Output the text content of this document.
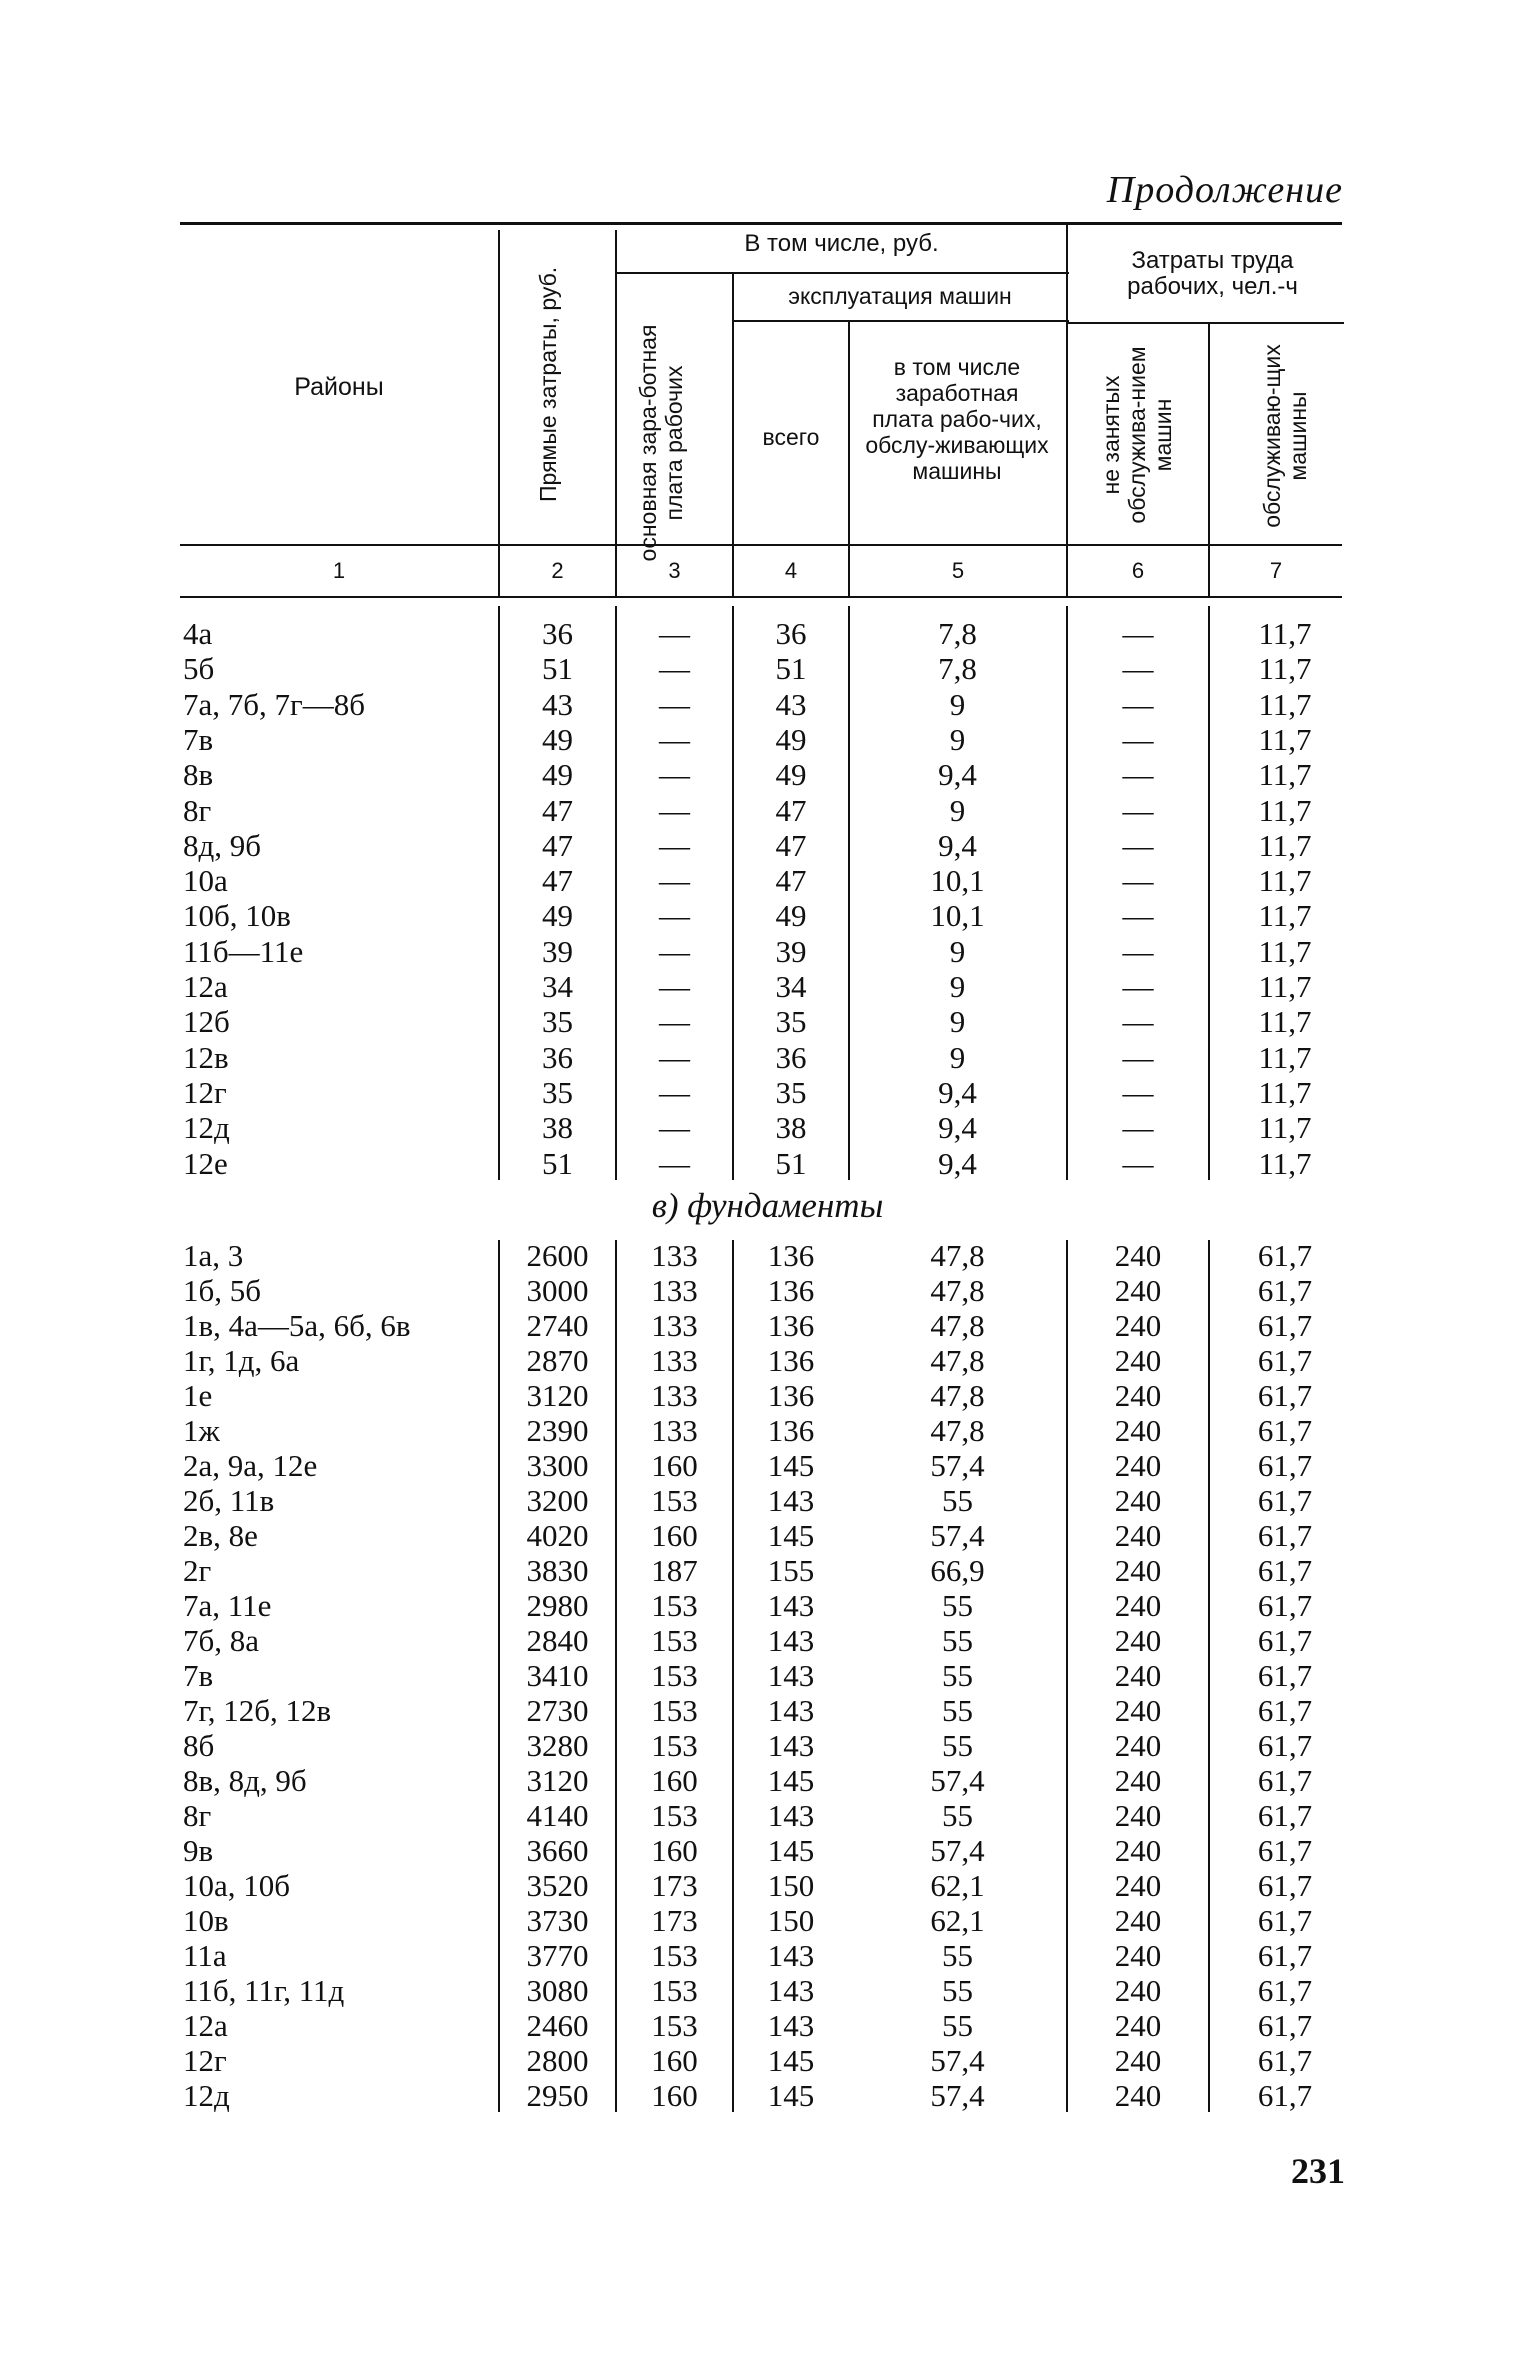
Продолжение
Районы	Прямые затраты, руб.
В том числе, руб.
основная зара-ботная плата рабочих
эксплуатация машин
всего
в том числе заработная плата рабо-чих, обслу-живающих машины
Затраты труда рабочих, чел.-ч
не занятых обслужива-нием машин	обслуживаю-щих машины
1	2	3	4	5	6	7
4а	36	—	36	7,8	—	11,7
5б	51	—	51	7,8	—	11,7
7а, 7б, 7г—8б	43	—	43	9	—	11,7
7в	49	—	49	9	—	11,7
8в	49	—	49	9,4	—	11,7
8г	47	—	47	9	—	11,7
8д, 9б	47	—	47	9,4	—	11,7
10а	47	—	47	10,1	—	11,7
10б, 10в	49	—	49	10,1	—	11,7
11б—11е	39	—	39	9	—	11,7
12а	34	—	34	9	—	11,7
12б	35	—	35	9	—	11,7
12в	36	—	36	9	—	11,7
12г	35	—	35	9,4	—	11,7
12д	38	—	38	9,4	—	11,7
12е	51	—	51	9,4	—	11,7
в) фундаменты
1а, 3	2600	133	136	47,8	240	61,7
1б, 5б	3000	133	136	47,8	240	61,7
1в, 4а—5а, 6б, 6в	2740	133	136	47,8	240	61,7
1г, 1д, 6а	2870	133	136	47,8	240	61,7
1е	3120	133	136	47,8	240	61,7
1ж	2390	133	136	47,8	240	61,7
2а, 9а, 12е	3300	160	145	57,4	240	61,7
2б, 11в	3200	153	143	55	240	61,7
2в, 8е	4020	160	145	57,4	240	61,7
2г	3830	187	155	66,9	240	61,7
7а, 11е	2980	153	143	55	240	61,7
7б, 8а	2840	153	143	55	240	61,7
7в	3410	153	143	55	240	61,7
7г, 12б, 12в	2730	153	143	55	240	61,7
8б	3280	153	143	55	240	61,7
8в, 8д, 9б	3120	160	145	57,4	240	61,7
8г	4140	153	143	55	240	61,7
9в	3660	160	145	57,4	240	61,7
10а, 10б	3520	173	150	62,1	240	61,7
10в	3730	173	150	62,1	240	61,7
11а	3770	153	143	55	240	61,7
11б, 11г, 11д	3080	153	143	55	240	61,7
12а	2460	153	143	55	240	61,7
12г	2800	160	145	57,4	240	61,7
12д	2950	160	145	57,4	240	61,7
231
